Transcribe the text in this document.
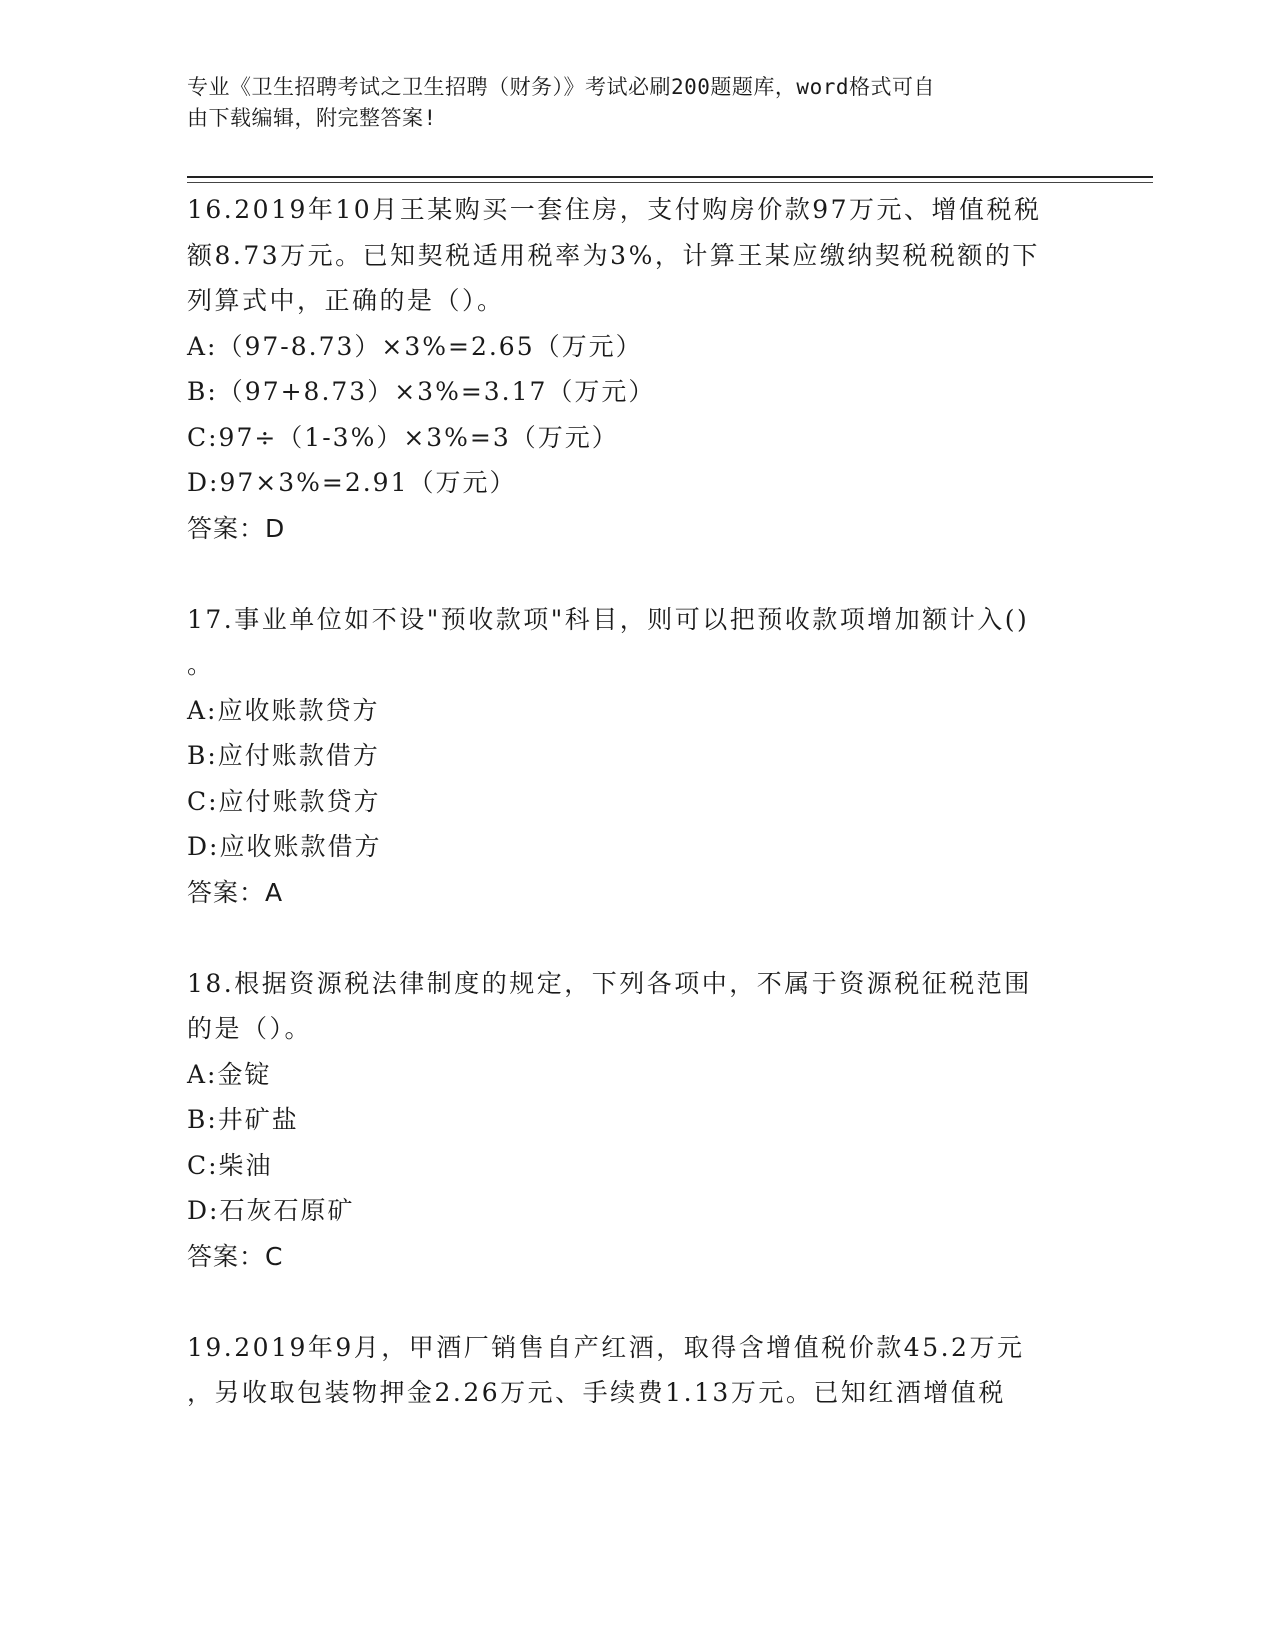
专业《卫生招聘考试之卫生招聘（财务）》考试必刷200题题库，word格式可自
由下载编辑，附完整答案!
16.2019年10月王某购买一套住房，支付购房价款97万元、增值税税
额8.73万元。已知契税适用税率为3%，计算王某应缴纳契税税额的下
列算式中，正确的是（）。
A:（97-8.73）×3%=2.65（万元）
B:（97+8.73）×3%=3.17（万元）
C:97÷（1-3%）×3%=3（万元）
D:97×3%=2.91（万元）
答案：D
17.事业单位如不设"预收款项"科目，则可以把预收款项增加额计入()
。
A:应收账款贷方
B:应付账款借方
C:应付账款贷方
D:应收账款借方
答案：A
18.根据资源税法律制度的规定，下列各项中，不属于资源税征税范围
的是（）。
A:金锭
B:井矿盐
C:柴油
D:石灰石原矿
答案：C
19.2019年9月，甲酒厂销售自产红酒，取得含增值税价款45.2万元
，另收取包装物押金2.26万元、手续费1.13万元。已知红酒增值税
